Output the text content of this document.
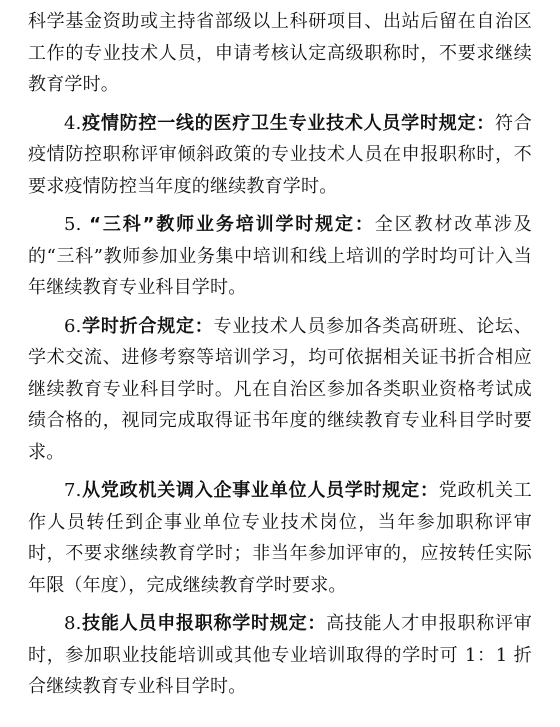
科学基金资助或主持省部级以上科研项目、出站后留在自治区工作的专业技术人员，申请考核认定高级职称时，不要求继续教育学时。

4.疫情防控一线的医疗卫生专业技术人员学时规定：符合疫情防控职称评审倾斜政策的专业技术人员在申报职称时，不要求疫情防控当年度的继续教育学时。

5. “三科”教师业务培训学时规定：全区教材改革涉及的“三科”教师参加业务集中培训和线上培训的学时均可计入当年继续教育专业科目学时。

6.学时折合规定：专业技术人员参加各类高研班、论坛、学术交流、进修考察等培训学习，均可依据相关证书折合相应继续教育专业科目学时。凡在自治区参加各类职业资格考试成绩合格的，视同完成取得证书年度的继续教育专业科目学时要求。

7.从党政机关调入企事业单位人员学时规定：党政机关工作人员转任到企事业单位专业技术岗位，当年参加职称评审时，不要求继续教育学时；非当年参加评审的，应按转任实际年限（年度），完成继续教育学时要求。

8.技能人员申报职称学时规定：高技能人才申报职称评审时，参加职业技能培训或其他专业培训取得的学时可 1：1 折合继续教育专业科目学时。
